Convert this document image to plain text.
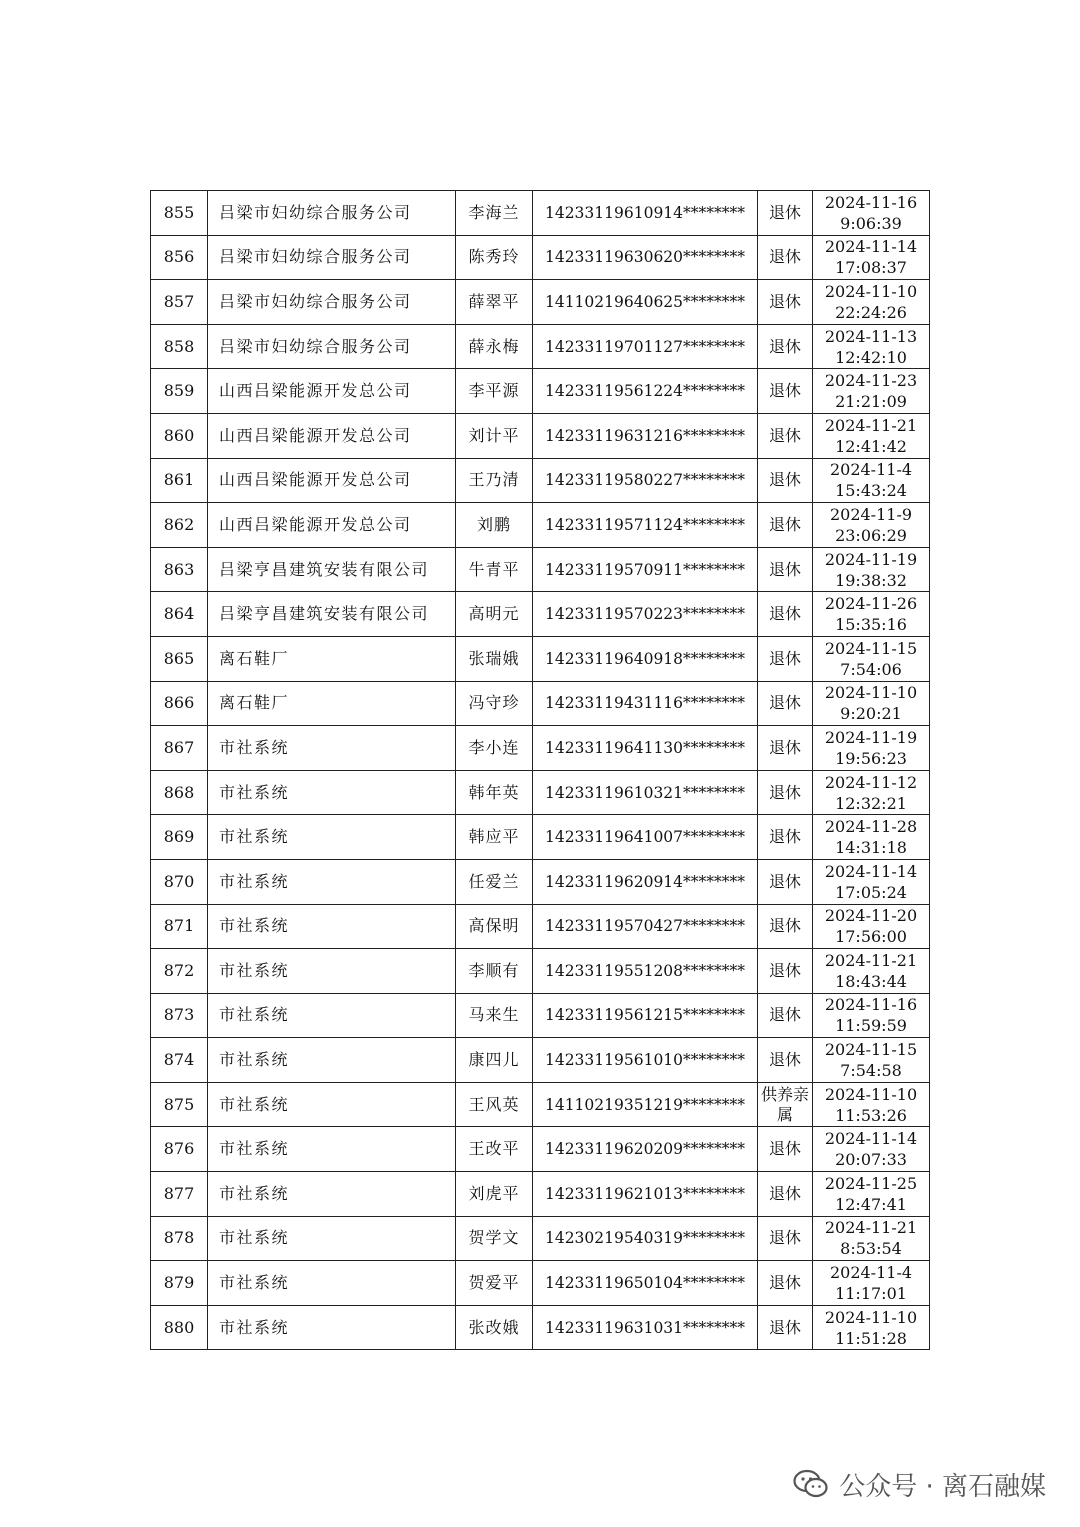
855	吕梁市妇幼综合服务公司	李海兰	14233119610914********	退休	2024-11-16
9:06:39

856	吕梁市妇幼综合服务公司	陈秀玲	14233119630620********	退休	2024-11-14
17:08:37

857	吕梁市妇幼综合服务公司	薛翠平	14110219640625********	退休	2024-11-10
22:24:26

858	吕梁市妇幼综合服务公司	薛永梅	14233119701127********	退休	2024-11-13
12:42:10

859	山西吕梁能源开发总公司	李平源	14233119561224********	退休	2024-11-23
21:21:09

860	山西吕梁能源开发总公司	刘计平	14233119631216********	退休	2024-11-21
12:41:42

861	山西吕梁能源开发总公司	王乃清	14233119580227********	退休	2024-11-4
15:43:24

862	山西吕梁能源开发总公司	刘鹏	14233119571124********	退休	2024-11-9
23:06:29

863	吕梁亨昌建筑安装有限公司	牛青平	14233119570911********	退休	2024-11-19
19:38:32

864	吕梁亨昌建筑安装有限公司	高明元	14233119570223********	退休	2024-11-26
15:35:16

865	离石鞋厂	张瑞娥	14233119640918********	退休	2024-11-15
7:54:06

866	离石鞋厂	冯守珍	14233119431116********	退休	2024-11-10
9:20:21

867	市社系统	李小连	14233119641130********	退休	2024-11-19
19:56:23

868	市社系统	韩年英	14233119610321********	退休	2024-11-12
12:32:21

869	市社系统	韩应平	14233119641007********	退休	2024-11-28
14:31:18

870	市社系统	任爱兰	14233119620914********	退休	2024-11-14
17:05:24

871	市社系统	高保明	14233119570427********	退休	2024-11-20
17:56:00

872	市社系统	李顺有	14233119551208********	退休	2024-11-21
18:43:44

873	市社系统	马来生	14233119561215********	退休	2024-11-16
11:59:59

874	市社系统	康四儿	14233119561010********	退休	2024-11-15
7:54:58

875	市社系统	王风英	14110219351219********	供养亲属	2024-11-10
11:53:26

876	市社系统	王改平	14233119620209********	退休	2024-11-14
20:07:33

877	市社系统	刘虎平	14233119621013********	退休	2024-11-25
12:47:41

878	市社系统	贺学文	14230219540319********	退休	2024-11-21
8:53:54

879	市社系统	贺爱平	14233119650104********	退休	2024-11-4
11:17:01

880	市社系统	张改娥	14233119631031********	退休	2024-11-10
11:51:28
公众号 · 离石融媒
